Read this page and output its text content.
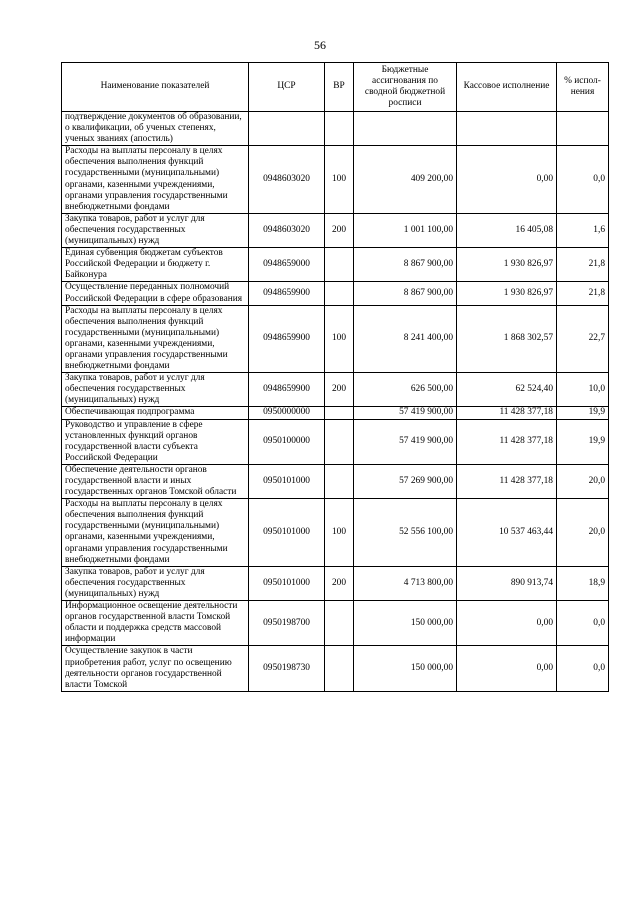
56
Наименование показателей	ЦСР	ВР	Бюджетные ассигнования по сводной бюджетной росписи	Кассовое исполнение	% испол-нения
подтверждение документов об образовании, о квалификации, об ученых степенях, ученых званиях (апостиль)					
Расходы на выплаты персоналу в целях обеспечения выполнения функций государственными (муниципальными) органами, казенными учреждениями, органами управления государственными внебюджетными фондами	0948603020	100	409 200,00	0,00	0,0
Закупка товаров, работ и услуг для обеспечения государственных (муниципальных) нужд	0948603020	200	1 001 100,00	16 405,08	1,6
Единая субвенция бюджетам субъектов Российской Федерации и бюджету г. Байконура	0948659000		8 867 900,00	1 930 826,97	21,8
Осуществление переданных полномочий Российской Федерации в сфере образования	0948659900		8 867 900,00	1 930 826,97	21,8
Расходы на выплаты персоналу в целях обеспечения выполнения функций государственными (муниципальными) органами, казенными учреждениями, органами управления государственными внебюджетными фондами	0948659900	100	8 241 400,00	1 868 302,57	22,7
Закупка товаров, работ и услуг для обеспечения государственных (муниципальных) нужд	0948659900	200	626 500,00	62 524,40	10,0
Обеспечивающая подпрограмма	0950000000		57 419 900,00	11 428 377,18	19,9
Руководство и управление в сфере установленных функций органов государственной власти субъекта Российской Федерации	0950100000		57 419 900,00	11 428 377,18	19,9
Обеспечение деятельности органов государственной власти и иных государственных органов Томской области	0950101000		57 269 900,00	11 428 377,18	20,0
Расходы на выплаты персоналу в целях обеспечения выполнения функций государственными (муниципальными) органами, казенными учреждениями, органами управления государственными внебюджетными фондами	0950101000	100	52 556 100,00	10 537 463,44	20,0
Закупка товаров, работ и услуг для обеспечения государственных (муниципальных) нужд	0950101000	200	4 713 800,00	890 913,74	18,9
Информационное освещение деятельности органов государственной власти Томской области и поддержка средств массовой информации	0950198700		150 000,00	0,00	0,0
Осуществление закупок в части приобретения работ, услуг по освещению деятельности органов государственной власти Томской	0950198730		150 000,00	0,00	0,0
